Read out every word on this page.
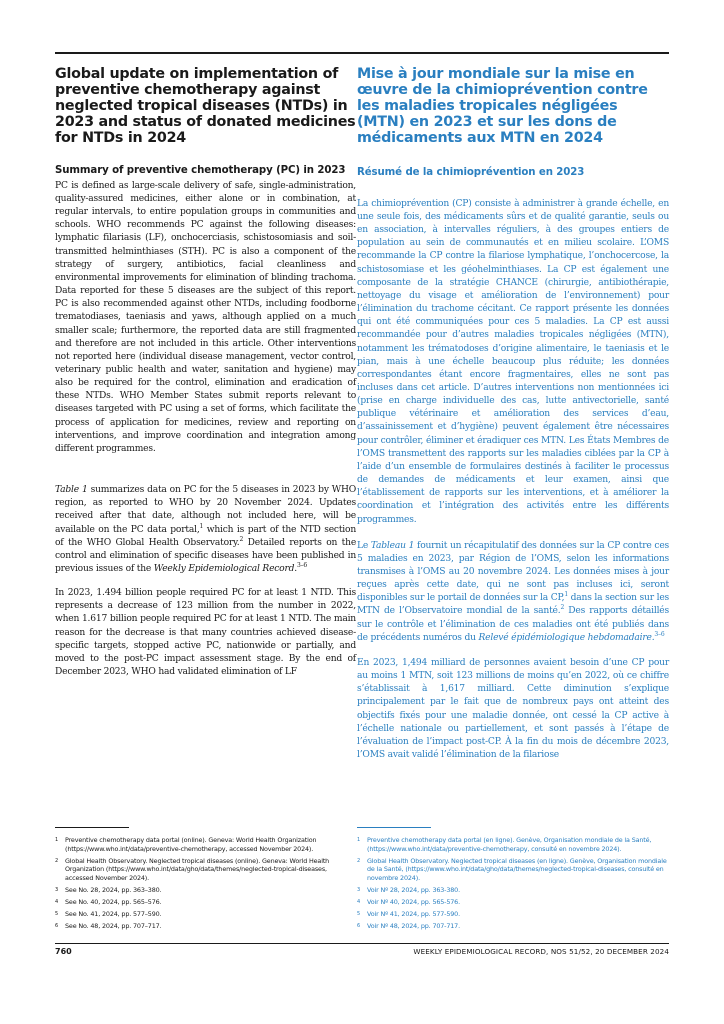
Global update on implementation of preventive chemotherapy against neglected tropical diseases (NTDs) in 2023 and status of donated medicines for NTDs in 2024
Summary of preventive chemotherapy (PC) in 2023

PC is defined as large-scale delivery of safe, single-administration, quality-assured medicines, either alone or in combination, at regular intervals, to entire population groups in communities and schools. WHO recommends PC against the following diseases: lymphatic filariasis (LF), onchocerciasis, schistosomiasis and soil-transmitted helminthiases (STH). PC is also a component of the strategy of surgery, antibiotics, facial cleanliness and environmental improvements for elimination of blinding trachoma. Data reported for these 5 diseases are the subject of this report. PC is also recommended against other NTDs, including foodborne trematodiases, taeniasis and yaws, although applied on a much smaller scale; furthermore, the reported data are still fragmented and therefore are not included in this article. Other interventions not reported here (individual disease management, vector control, veterinary public health and water, sanitation and hygiene) may also be required for the control, elimination and eradication of these NTDs. WHO Member States submit reports relevant to diseases targeted with PC using a set of forms, which facilitate the process of application for medicines, review and reporting on interventions, and improve coordination and integration among different programmes.

Table 1 summarizes data on PC for the 5 diseases in 2023 by WHO region, as reported to WHO by 20 November 2024. Updates received after that date, although not included here, will be available on the PC data portal,$^1$ which is part of the NTD section of the WHO Global Health Observatory.$^2$ Detailed reports on the control and elimination of specific diseases have been published in previous issues of the Weekly Epidemiological Record.$^{3-6}$

In 2023, 1.494 billion people required PC for at least 1 NTD. This represents a decrease of 123 million from the number in 2022, when 1.617 billion people required PC for at least 1 NTD. The main reason for the decrease is that many countries achieved disease-specific targets, stopped active PC, nationwide or partially, and moved to the post-PC impact assessment stage. By the end of December 2023, WHO had validated elimination of LF

Mise à jour mondiale sur la mise en œuvre de la chimioprévention contre les maladies tropicales négligées (MTN) en 2023 et sur les dons de médicaments aux MTN en 2024
Résumé de la chimioprévention en 2023

La chimioprévention (CP) consiste à administrer à grande échelle, en une seule fois, des médicaments sûrs et de qualité garantie, seuls ou en association, à intervalles réguliers, à des groupes entiers de population au sein de communautés et en milieu scolaire. L’OMS recommande la CP contre la filariose lymphatique, l’onchocercose, la schistosomiase et les géohelminthiases. La CP est également une composante de la stratégie CHANCE (chirurgie, antibiothérapie, nettoyage du visage et amélioration de l’environnement) pour l’élimination du trachome cécitant. Ce rapport présente les données qui ont été communiquées pour ces 5 maladies. La CP est aussi recommandée pour d’autres maladies tropicales négligées (MTN), notamment les trématodoses d’origine alimentaire, le taeniasis et le pian, mais à une échelle beaucoup plus réduite; les données correspondantes étant encore fragmentaires, elles ne sont pas incluses dans cet article. D’autres interventions non mentionnées ici (prise en charge individuelle des cas, lutte antivectorielle, santé publique vétérinaire et amélioration des services d’eau, d’assainissement et d’hygiène) peuvent également être nécessaires pour contrôler, éliminer et éradiquer ces MTN. Les États Membres de l’OMS transmettent des rapports sur les maladies ciblées par la CP à l’aide d’un ensemble de formulaires destinés à faciliter le processus de demandes de médicaments et leur examen, ainsi que l’établissement de rapports sur les interventions, et à améliorer la coordination et l’intégration des activités entre les différents programmes.

Le Tableau 1 fournit un récapitulatif des données sur la CP contre ces 5 maladies en 2023, par Région de l’OMS, selon les informations transmises à l’OMS au 20 novembre 2024. Les données mises à jour reçues après cette date, qui ne sont pas incluses ici, seront disponibles sur le portail de données sur la CP,$^1$ dans la section sur les MTN de l’Observatoire mondial de la santé.$^2$ Des rapports détaillés sur le contrôle et l’élimination de ces maladies ont été publiés dans de précédents numéros du Relevé épidémiologique hebdomadaire.$^{3-6}$

En 2023, 1,494 milliard de personnes avaient besoin d’une CP pour au moins 1 MTN, soit 123 millions de moins qu’en 2022, où ce chiffre s’établissait à 1,617 milliard. Cette diminution s’explique principalement par le fait que de nombreux pays ont atteint des objectifs fixés pour une maladie donnée, ont cessé la CP active à l’échelle nationale ou partiellement, et sont passés à l’étape de l’évaluation de l’impact post-CP. À la fin du mois de décembre 2023, l’OMS avait validé l’élimination de la filariose

1	Preventive chemotherapy data portal (online). Geneva: World Health Organization (https://www.who.int/data/preventive-chemotherapy, accessed November 2024).
2	Global Health Observatory. Neglected tropical diseases (online). Geneva: World Health Organization (https://www.who.int/data/gho/data/themes/neglected-tropical-diseases, accessed November 2024).
3	See No. 28, 2024, pp. 363–380.
4	See No. 40, 2024, pp. 565–576.
5	See No. 41, 2024, pp. 577–590.
6	See No. 48, 2024, pp. 707–717.
1	Preventive chemotherapy data portal (en ligne). Genève, Organisation mondiale de la Santé, (https://www.who.int/data/preventive-chemotherapy, consulté en novembre 2024).
2	Global Health Observatory. Neglected tropical diseases (en ligne). Genève, Organisation mondiale de la Santé, (https://www.who.int/data/gho/data/themes/neglected-tropical-diseases, consulté en novembre 2024).
3	Voir Nº 28, 2024, pp. 363-380.
4	Voir Nº 40, 2024, pp. 565-576.
5	Voir Nº 41, 2024, pp. 577-590.
6	Voir Nº 48, 2024, pp. 707-717.
760	WEEKLY EPIDEMIOLOGICAL RECORD, NOS 51/52, 20 DECEMBER 2024
